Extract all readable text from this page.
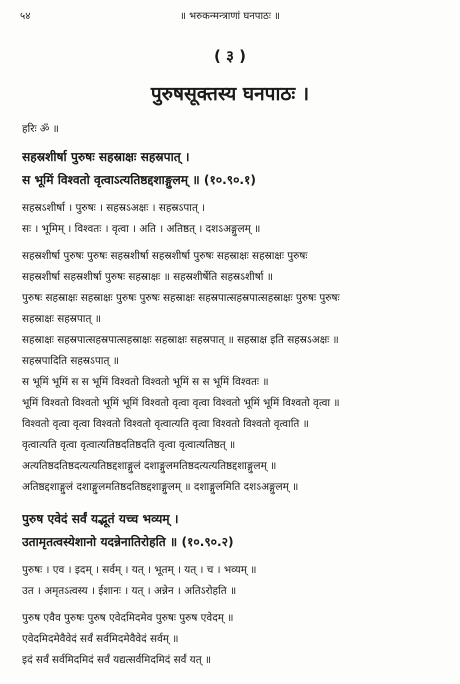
५४	॥ भरुकन्मन्त्राणां घनपाठः ॥
( ३ )
पुरुषसूक्तस्य घनपाठः ।
हरिः ॐ ॥
सहस्रशीर्षा पुरुषः सहस्राक्षः सहस्रपात् ।
स भूमिं विश्वतो वृत्वाऽत्यतिष्ठद्दशाङ्गुलम् ॥ (१०.९०.१)
सहस्रऽशीर्षा । पुरुषः । सहस्रऽअक्षः । सहस्रऽपात् ।
सः । भूमिम् । विश्वतः । वृत्वा । अति । अतिष्ठत् । दशऽअङ्गुलम् ॥
सहस्रशीर्षा पुरुषः पुरुषः सहस्रशीर्षा सहस्रशीर्षा पुरुषः सहस्राक्षः सहस्राक्षः पुरुषः
सहस्रशीर्षा सहस्रशीर्षा पुरुषः सहस्राक्षः ॥ सहस्रशीर्षेति सहस्रऽशीर्षा ॥
पुरुषः सहस्राक्षः सहस्राक्षः पुरुषः पुरुषः सहस्राक्षः सहस्रपात्सहस्रपात्सहस्राक्षः पुरुषः पुरुषः
सहस्राक्षः सहस्रपात् ॥
सहस्राक्षः सहस्रपात्सहस्रपात्सहस्राक्षः सहस्राक्षः सहस्रपात् ॥ सहस्राक्ष इति सहस्रऽअक्षः ॥
सहस्रपादिति सहस्रऽपात् ॥
स भूमिं भूमिं स स भूमिं विश्वतो विश्वतो भूमिं स स भूमिं विश्वतः ॥
भूमिं विश्वतो विश्वतो भूमिं भूमिं विश्वतो वृत्वा वृत्वा विश्वतो भूमिं भूमिं विश्वतो वृत्वा ॥
विश्वतो वृत्वा वृत्वा विश्वतो विश्वतो वृत्वात्यति वृत्वा विश्वतो विश्वतो वृत्वाति ॥
वृत्वात्यति वृत्वा वृत्वात्यतिष्ठदतिष्ठदति वृत्वा वृत्वात्यतिष्ठत् ॥
अत्यतिष्ठदतिष्ठदत्यत्यतिष्ठद्दशाङ्गुलं दशाङ्गुलमतिष्ठदत्यत्यतिष्ठद्दशाङ्गुलम् ॥
अतिष्ठद्दशाङ्गुलं दशाङ्गुलमतिष्ठदतिष्ठद्दशाङ्गुलम् ॥ दशाङ्गुलमिति दशऽअङ्गुलम् ॥
पुरुष एवेदं सर्वं यद्भूतं यच्च भव्यम् ।
उतामृतत्वस्येशानो यदन्नेनातिरोहति ॥ (१०.९०.२)
पुरुषः । एव । इदम् । सर्वम् । यत् । भूतम् । यत् । च । भव्यम् ॥
उत । अमृतऽत्वस्य । ईशानः । यत् । अन्नेन । अतिऽरोहति ॥
पुरुष एवैव पुरुषः पुरुष एवेदमिदमेव पुरुषः पुरुष एवेदम् ॥
एवेदमिदमेवैवेदं सर्वं सर्वमिदमेवैवेदं सर्वम् ॥
इदं सर्वं सर्वमिदमिदं सर्वं यद्यत्सर्वमिदमिदं सर्वं यत् ॥
